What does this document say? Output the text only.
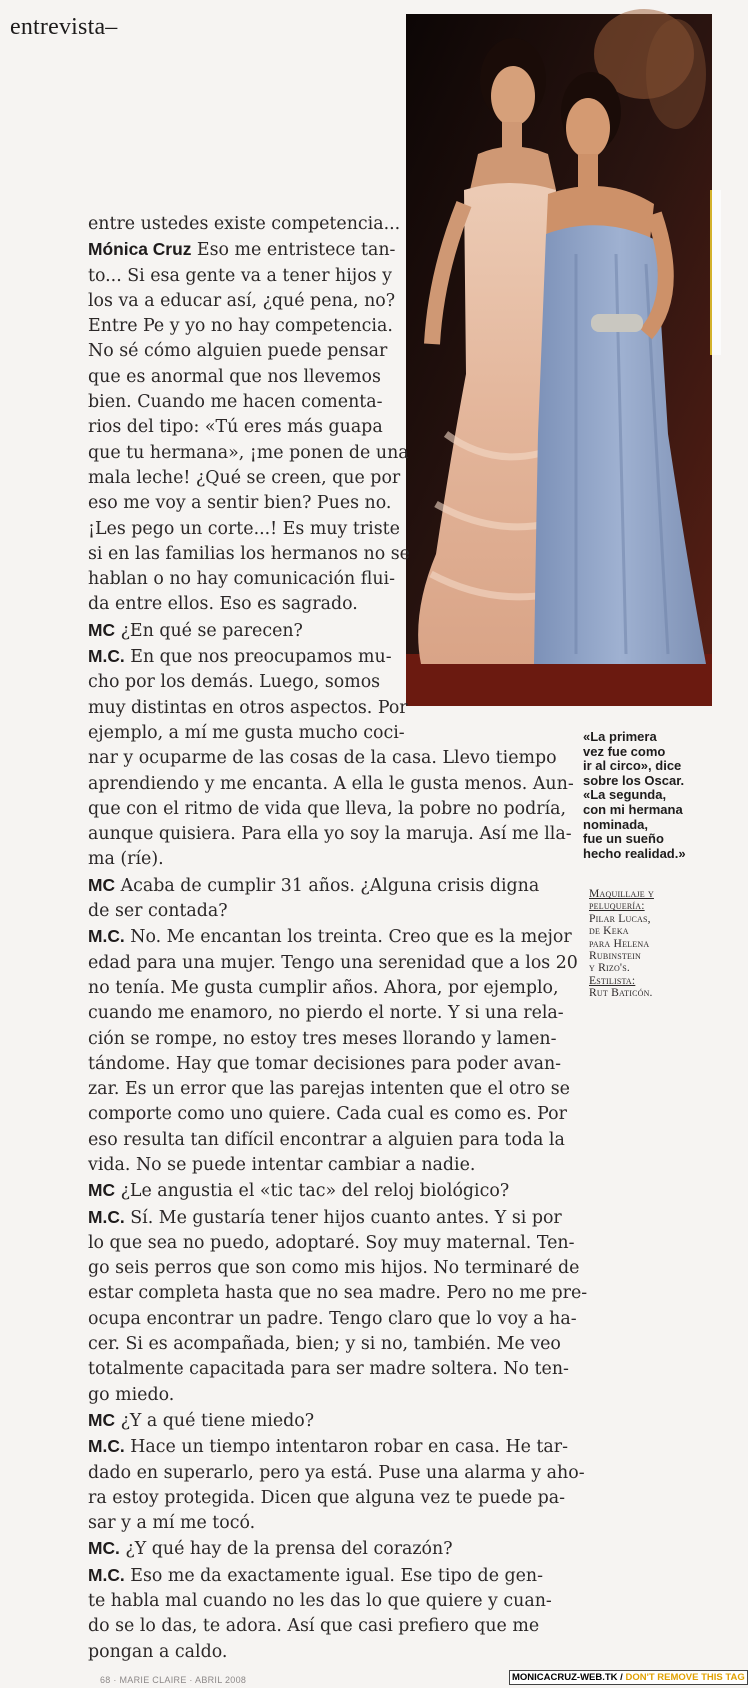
entrevista–
entre ustedes existe competencia...
Mónica Cruz Eso me entristece tan-
to... Si esa gente va a tener hijos y
los va a educar así, ¿qué pena, no?
Entre Pe y yo no hay competencia.
No sé cómo alguien puede pensar
que es anormal que nos llevemos
bien. Cuando me hacen comenta-
rios del tipo: «Tú eres más guapa
que tu hermana», ¡me ponen de una
mala leche! ¿Qué se creen, que por
eso me voy a sentir bien? Pues no.
¡Les pego un corte...! Es muy triste
si en las familias los hermanos no se
hablan o no hay comunicación flui-
da entre ellos. Eso es sagrado.
MC ¿En qué se parecen?
M.C. En que nos preocupamos mu-
cho por los demás. Luego, somos
muy distintas en otros aspectos. Por
ejemplo, a mí me gusta mucho coci-
nar y ocuparme de las cosas de la casa. Llevo tiempo
aprendiendo y me encanta. A ella le gusta menos. Aun-
que con el ritmo de vida que lleva, la pobre no podría,
aunque quisiera. Para ella yo soy la maruja. Así me lla-
ma (ríe).
MC Acaba de cumplir 31 años. ¿Alguna crisis digna
de ser contada?
M.C. No. Me encantan los treinta. Creo que es la mejor
edad para una mujer. Tengo una serenidad que a los 20
no tenía. Me gusta cumplir años. Ahora, por ejemplo,
cuando me enamoro, no pierdo el norte. Y si una rela-
ción se rompe, no estoy tres meses llorando y lamen-
tándome. Hay que tomar decisiones para poder avan-
zar. Es un error que las parejas intenten que el otro se
comporte como uno quiere. Cada cual es como es. Por
eso resulta tan difícil encontrar a alguien para toda la
vida. No se puede intentar cambiar a nadie.
MC ¿Le angustia el «tic tac» del reloj biológico?
M.C. Sí. Me gustaría tener hijos cuanto antes. Y si por
lo que sea no puedo, adoptaré. Soy muy maternal. Ten-
go seis perros que son como mis hijos. No terminaré de
estar completa hasta que no sea madre. Pero no me pre-
ocupa encontrar un padre. Tengo claro que lo voy a ha-
cer. Si es acompañada, bien; y si no, también. Me veo
totalmente capacitada para ser madre soltera. No ten-
go miedo.
MC ¿Y a qué tiene miedo?
M.C. Hace un tiempo intentaron robar en casa. He tar-
dado en superarlo, pero ya está. Puse una alarma y aho-
ra estoy protegida. Dicen que alguna vez te puede pa-
sar y a mí me tocó.
MC. ¿Y qué hay de la prensa del corazón?
M.C. Eso me da exactamente igual. Ese tipo de gen-
te habla mal cuando no les das lo que quiere y cuan-
do se lo das, te adora. Así que casi prefiero que me
pongan a caldo.
«La primera
vez fue como
ir al circo», dice
sobre los Oscar.
«La segunda,
con mi hermana
nominada,
fue un sueño
hecho realidad.»
Maquillaje y
peluquería:
Pilar Lucas,
de Keka
para Helena
Rubinstein
y Rizo's.
Estilista:
Rut Baticón.
68 · MARIE CLAIRE · ABRIL 2008	MONICACRUZ-WEB.TK / DON'T REMOVE THIS TAG
